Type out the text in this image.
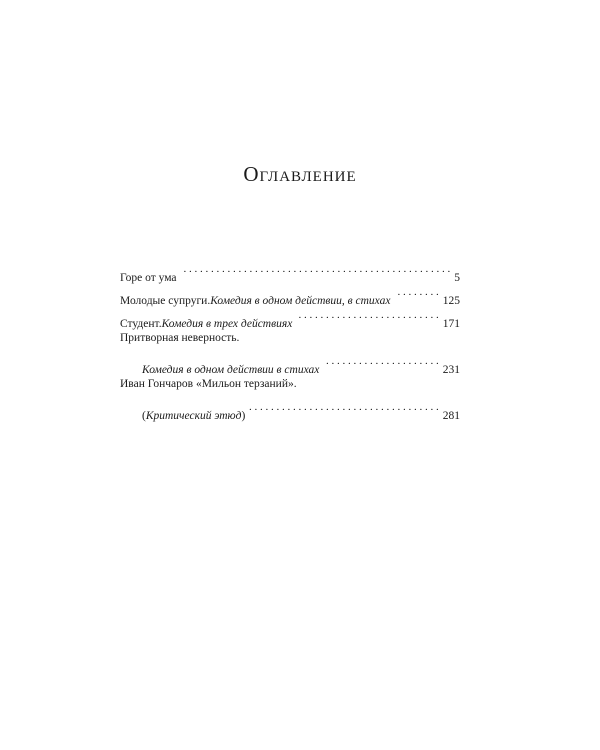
Оглавление
Горе от ума . . .	5
Молодые супруги. Комедия в одном действии, в стихах . . .	125
Студент. Комедия в трех действиях . . .	171
Притворная неверность.
Комедия в одном действии в стихах . . .	231
Иван Гончаров «Мильон терзаний».
( Критический этюд ) . . .	281
